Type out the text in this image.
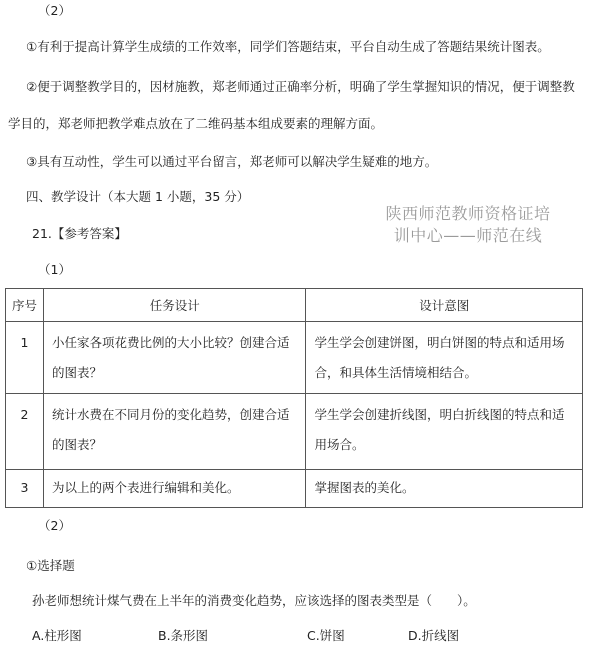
（2）
①有利于提高计算学生成绩的工作效率，同学们答题结束，平台自动生成了答题结果统计图表。
②便于调整教学目的，因材施教，郑老师通过正确率分析，明确了学生掌握知识的情况，便于调整教
学目的，郑老师把教学难点放在了二维码基本组成要素的理解方面。
③具有互动性，学生可以通过平台留言，郑老师可以解决学生疑难的地方。
四、教学设计（本大题 1 小题，35 分）
陕西师范教师资格证培
训中心——师范在线
21.【参考答案】
（1）
序号	任务设计	设计意图
1	小任家各项花费比例的大小比较？创建合适的图表？	学生学会创建饼图，明白饼图的特点和适用场合，和具体生活情境相结合。
2	统计水费在不同月份的变化趋势，创建合适的图表？	学生学会创建折线图，明白折线图的特点和适用场合。
3	为以上的两个表进行编辑和美化。	掌握图表的美化。
（2）
①选择题
孙老师想统计煤气费在上半年的消费变化趋势，应该选择的图表类型是（　　）。
A.柱形图	B.条形图	C.饼图	D.折线图
